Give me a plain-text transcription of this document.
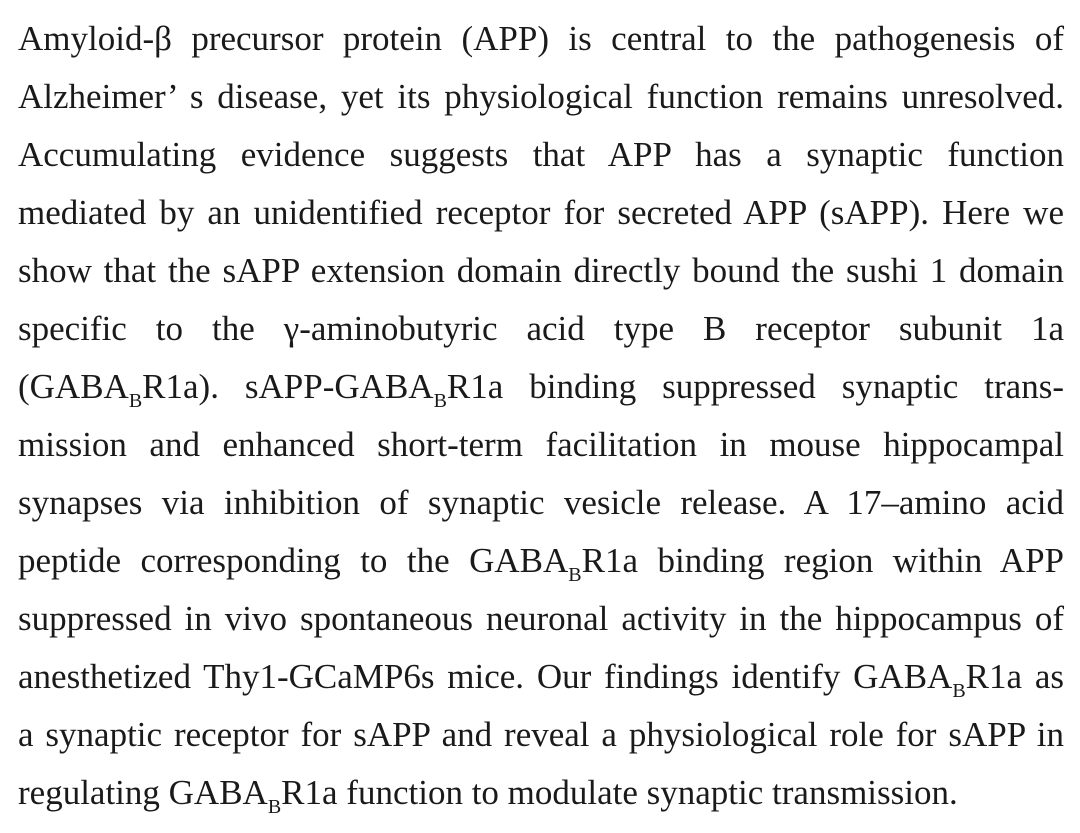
Amyloid-β precursor protein (APP) is central to the pathogenesis of
Alzheimer’ s disease, yet its physiological function remains unresolved.
Accumulating evidence suggests that APP has a synaptic function
mediated by an unidentified receptor for secreted APP (sAPP). Here we
show that the sAPP extension domain directly bound the sushi 1 domain
specific to the γ-aminobutyric acid type B receptor subunit 1a
$(GABA_BR1a)$. sAPP-$GABA_BR1a$ binding suppressed synaptic trans-
mission and enhanced short-term facilitation in mouse hippocampal
synapses via inhibition of synaptic vesicle release. A 17–amino acid
peptide corresponding to the $GABA_BR1a$ binding region within APP
suppressed in vivo spontaneous neuronal activity in the hippocampus of
anesthetized Thy1-GCaMP6s mice. Our findings identify $GABA_BR1a$ as
a synaptic receptor for sAPP and reveal a physiological role for sAPP in
regulating $GABA_BR1a$ function to modulate synaptic transmission.
